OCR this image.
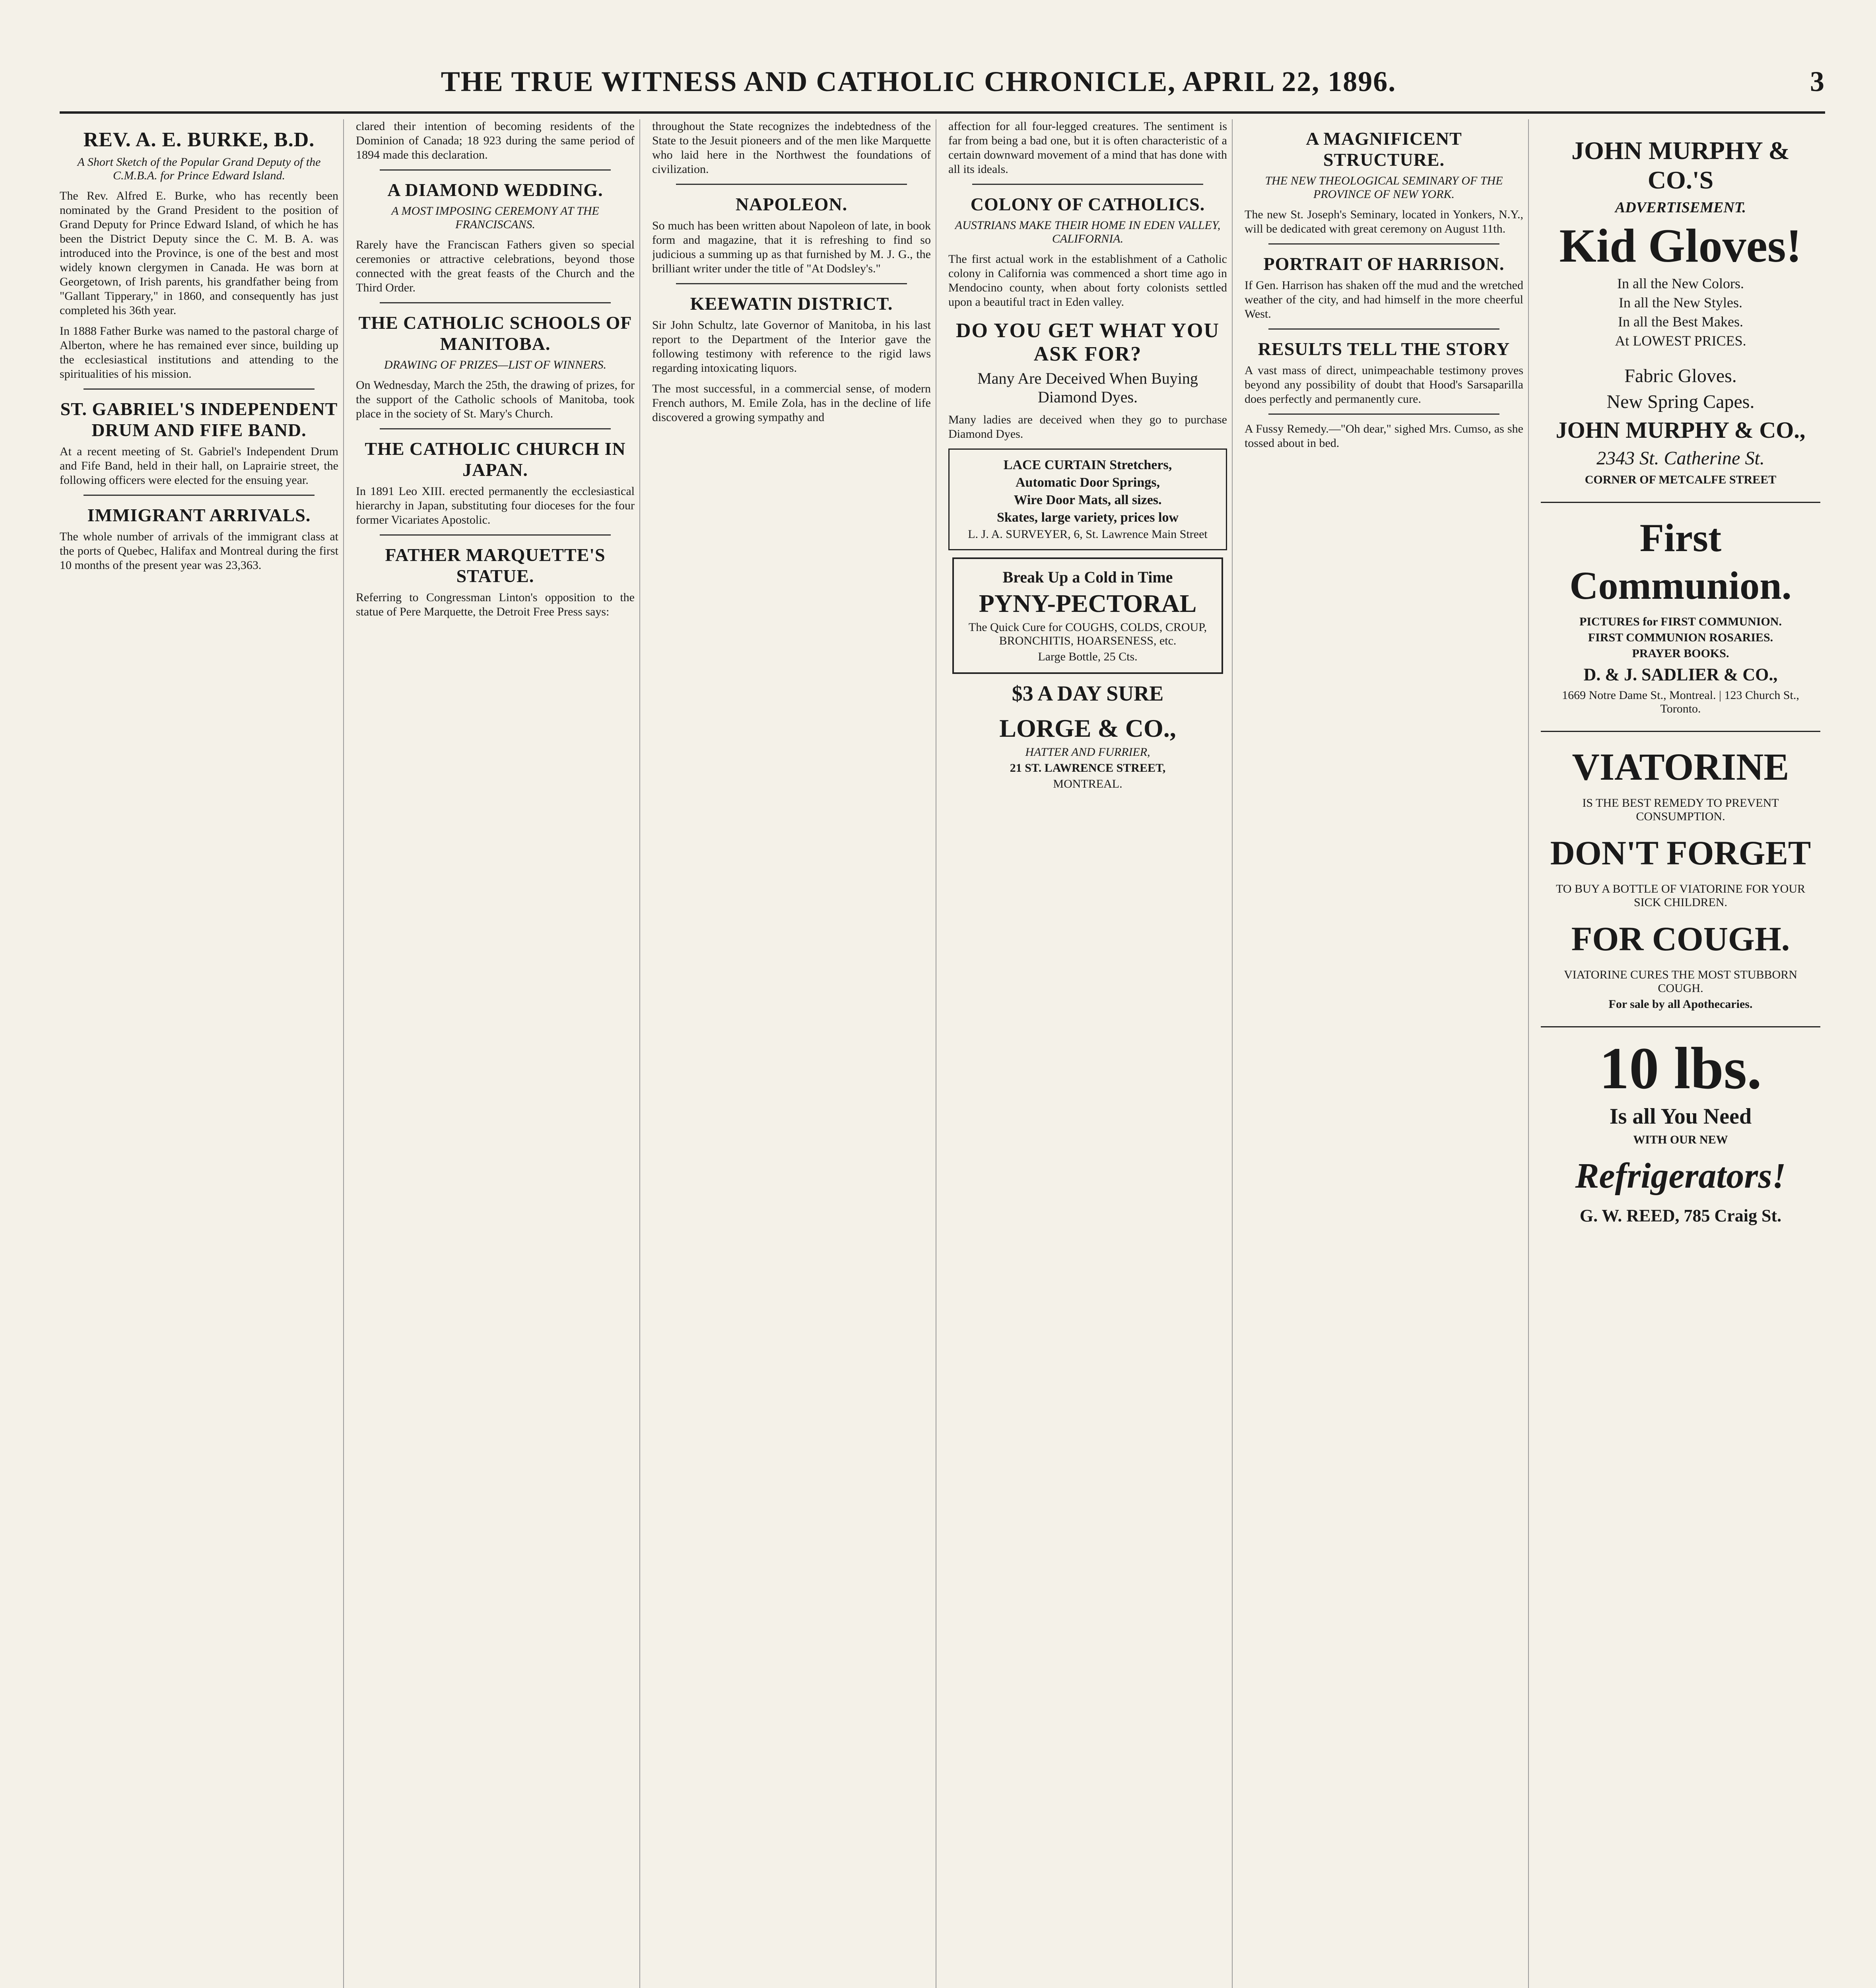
THE TRUE WITNESS AND CATHOLIC CHRONICLE, APRIL 22, 1896.	3
REV. A. E. BURKE, B.D.
A Short Sketch of the Popular Grand Deputy of the C.M.B.A. for Prince Edward Island.

The Rev. Alfred E. Burke, who has recently been nominated by the Grand President to the position of Grand Deputy for Prince Edward Island, of which he has been the District Deputy since the C. M. B. A. was introduced into the Province, is one of the best and most widely known clergymen in Canada. He was born at Georgetown, of Irish parents, his grandfather being from "Gallant Tipperary," in 1860, and consequently has just completed his 36th year.

In 1888 Father Burke was named to the pastoral charge of Alberton, where he has remained ever since, building up the ecclesiastical institutions and attending to the spiritualities of his mission.

ST. GABRIEL'S INDEPENDENT DRUM AND FIFE BAND.

At a recent meeting of St. Gabriel's Independent Drum and Fife Band, held in their hall, on Laprairie street, the following officers were elected for the ensuing year.

IMMIGRANT ARRIVALS.

The whole number of arrivals of the immigrant class at the ports of Quebec, Halifax and Montreal during the first 10 months of the present year was 23,363.

clared their intention of becoming residents of the Dominion of Canada; 18 923 during the same period of 1894 made this declaration.

A DIAMOND WEDDING.
A MOST IMPOSING CEREMONY AT THE FRANCISCANS.

Rarely have the Franciscan Fathers given so special ceremonies or attractive celebrations, beyond those connected with the great feasts of the Church and the Third Order.

THE CATHOLIC SCHOOLS OF MANITOBA.
DRAWING OF PRIZES—LIST OF WINNERS.

On Wednesday, March the 25th, the drawing of prizes, for the support of the Catholic schools of Manitoba, took place in the society of St. Mary's Church.

THE CATHOLIC CHURCH IN JAPAN.

In 1891 Leo XIII. erected permanently the ecclesiastical hierarchy in Japan, substituting four dioceses for the four former Vicariates Apostolic.

FATHER MARQUETTE'S STATUE.

Referring to Congressman Linton's opposition to the statue of Pere Marquette, the Detroit Free Press says:

throughout the State recognizes the indebtedness of the State to the Jesuit pioneers and of the men like Marquette who laid here in the Northwest the foundations of civilization.

NAPOLEON.

So much has been written about Napoleon of late, in book form and magazine, that it is refreshing to find so judicious a summing up as that furnished by M. J. G., the brilliant writer under the title of "At Dodsley's."

KEEWATIN DISTRICT.

Sir John Schultz, late Governor of Manitoba, in his last report to the Department of the Interior gave the following testimony with reference to the rigid laws regarding intoxicating liquors.

The most successful, in a commercial sense, of modern French authors, M. Emile Zola, has in the decline of life discovered a growing sympathy and

affection for all four-legged creatures. The sentiment is far from being a bad one, but it is often characteristic of a certain downward movement of a mind that has done with all its ideals.

COLONY OF CATHOLICS.
AUSTRIANS MAKE THEIR HOME IN EDEN VALLEY, CALIFORNIA.

The first actual work in the establishment of a Catholic colony in California was commenced a short time ago in Mendocino county, when about forty colonists settled upon a beautiful tract in Eden valley.

DO YOU GET WHAT YOU ASK FOR?
Many Are Deceived When Buying Diamond Dyes.

Many ladies are deceived when they go to purchase Diamond Dyes.

LACE CURTAIN Stretchers,
Automatic Door Springs,
Wire Door Mats, all sizes.
Skates, large variety, prices low
L. J. A. SURVEYER, 6, St. Lawrence Main Street
Break Up a Cold in Time
PYNY-PECTORAL
The Quick Cure for COUGHS, COLDS, CROUP, BRONCHITIS, HOARSENESS, etc.
Large Bottle, 25 Cts.
$3 A DAY SURE
LORGE & CO.,
HATTER AND FURRIER,
21 ST. LAWRENCE STREET,
MONTREAL.
A MAGNIFICENT STRUCTURE.
THE NEW THEOLOGICAL SEMINARY OF THE PROVINCE OF NEW YORK.

The new St. Joseph's Seminary, located in Yonkers, N.Y., will be dedicated with great ceremony on August 11th.

PORTRAIT OF HARRISON.

If Gen. Harrison has shaken off the mud and the wretched weather of the city, and had himself in the more cheerful West.

RESULTS TELL THE STORY

A vast mass of direct, unimpeachable testimony proves beyond any possibility of doubt that Hood's Sarsaparilla does perfectly and permanently cure.

A Fussy Remedy.—"Oh dear," sighed Mrs. Cumso, as she tossed about in bed.

JOHN MURPHY & CO.'S
ADVERTISEMENT.
Kid Gloves!
In all the New Colors.
In all the New Styles.
In all the Best Makes.
At LOWEST PRICES.
Fabric Gloves.
New Spring Capes.
JOHN MURPHY & CO.,
2343 St. Catherine St.
CORNER OF METCALFE STREET
First Communion.
PICTURES for FIRST COMMUNION.
FIRST COMMUNION ROSARIES.
PRAYER BOOKS.
D. & J. SADLIER & CO.,
1669 Notre Dame St., Montreal. | 123 Church St., Toronto.
VIATORINE
IS THE BEST REMEDY TO PREVENT CONSUMPTION.
DON'T FORGET
TO BUY A BOTTLE OF VIATORINE FOR YOUR SICK CHILDREN.
FOR COUGH.
VIATORINE CURES THE MOST STUBBORN COUGH.
For sale by all Apothecaries.
10 lbs.
Is all You Need
WITH OUR NEW
Refrigerators!
G. W. REED, 785 Craig St.
